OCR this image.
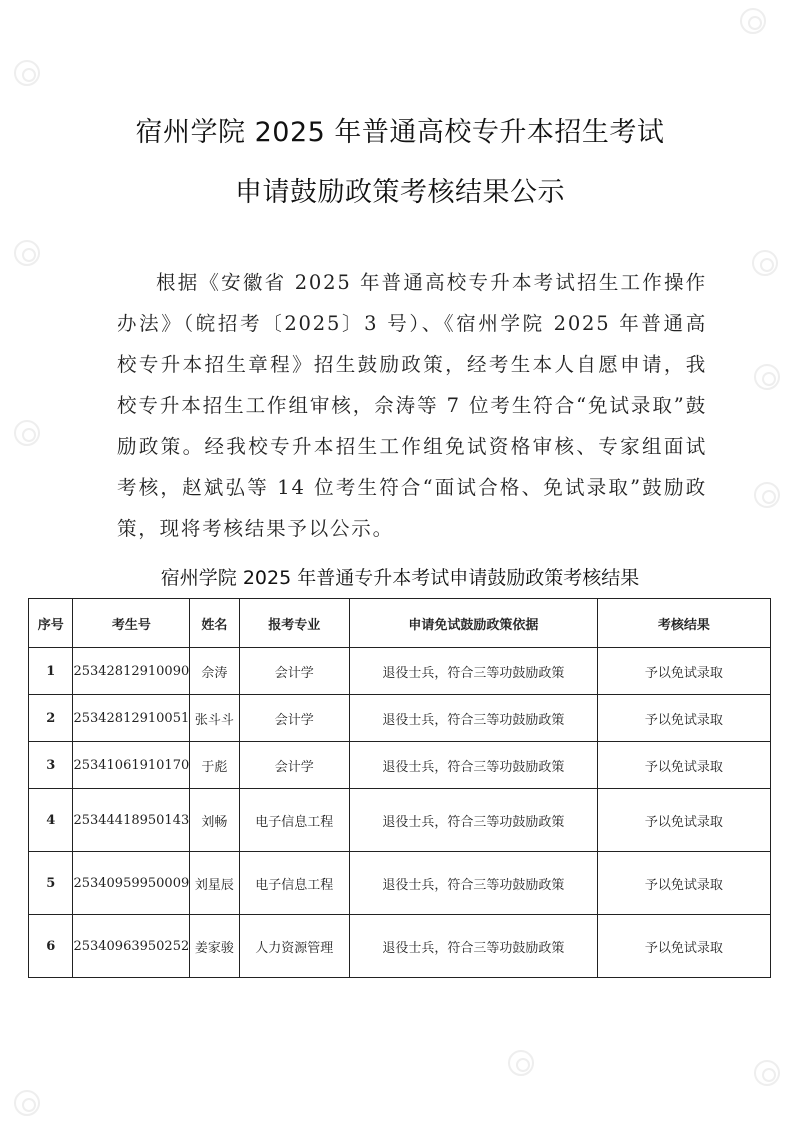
宿州学院 2025 年普通高校专升本招生考试
申请鼓励政策考核结果公示
根据《安徽省 2025 年普通高校专升本考试招生工作操作办法》（皖招考〔2025〕3 号）、《宿州学院 2025 年普通高校专升本招生章程》招生鼓励政策，经考生本人自愿申请，我校专升本招生工作组审核，佘涛等 7 位考生符合“免试录取”鼓励政策。经我校专升本招生工作组免试资格审核、专家组面试考核，赵斌弘等 14 位考生符合“面试合格、免试录取”鼓励政策，现将考核结果予以公示。
宿州学院 2025 年普通专升本考试申请鼓励政策考核结果
序号	考生号	姓名	报考专业	申请免试鼓励政策依据	考核结果
1	25342812910090	佘涛	会计学	退役士兵，符合三等功鼓励政策	予以免试录取
2	25342812910051	张斗斗	会计学	退役士兵，符合三等功鼓励政策	予以免试录取
3	25341061910170	于彪	会计学	退役士兵，符合三等功鼓励政策	予以免试录取
4	25344418950143	刘畅	电子信息工程	退役士兵，符合三等功鼓励政策	予以免试录取
5	25340959950009	刘星辰	电子信息工程	退役士兵，符合三等功鼓励政策	予以免试录取
6	25340963950252	姜家骏	人力资源管理	退役士兵，符合三等功鼓励政策	予以免试录取
